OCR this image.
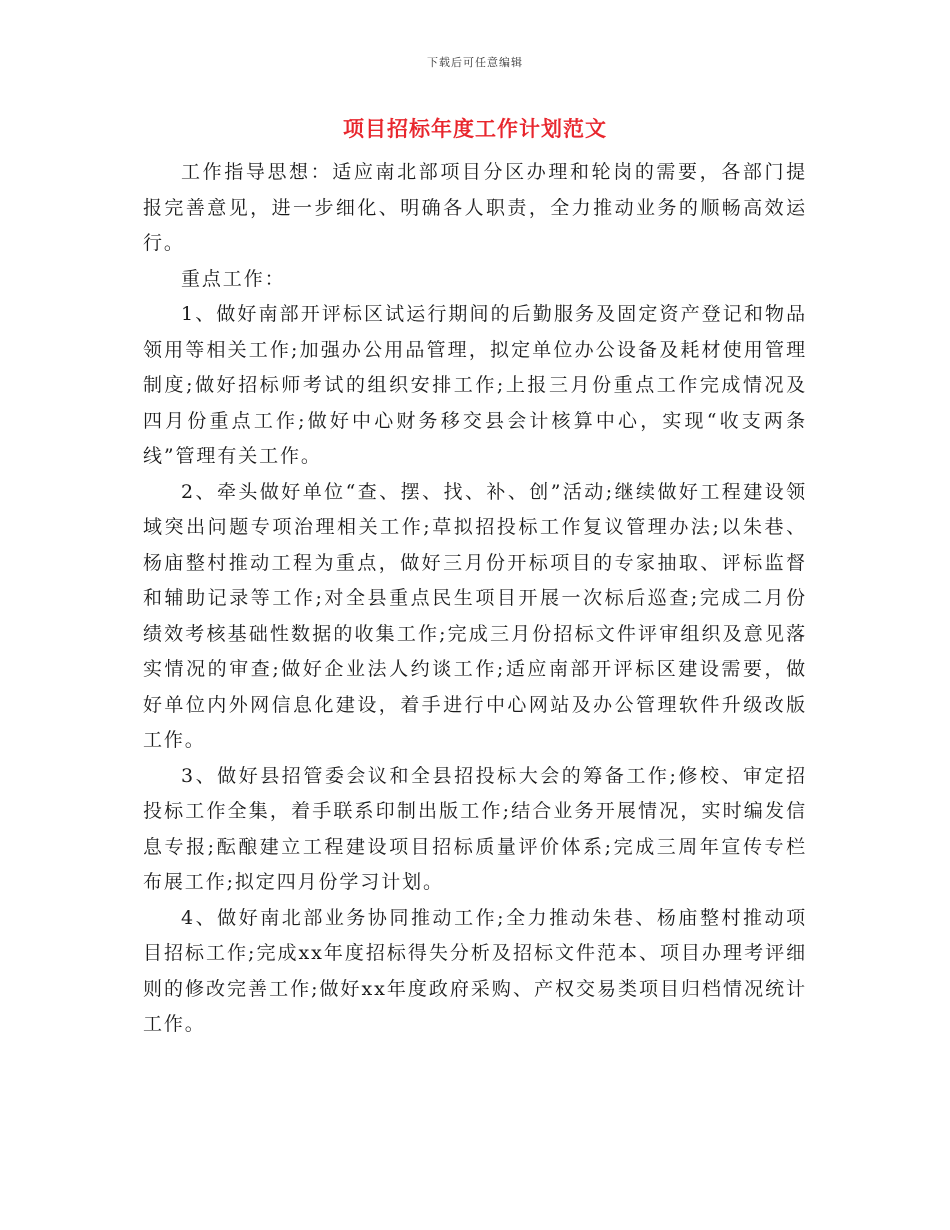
下载后可任意编辑
项目招标年度工作计划范文

工作指导思想：适应南北部项目分区办理和轮岗的需要，各部门提报完善意见，进一步细化、明确各人职责，全力推动业务的顺畅高效运行。

重点工作：

1、做好南部开评标区试运行期间的后勤服务及固定资产登记和物品领用等相关工作;加强办公用品管理，拟定单位办公设备及耗材使用管理制度;做好招标师考试的组织安排工作;上报三月份重点工作完成情况及四月份重点工作;做好中心财务移交县会计核算中心，实现“收支两条线”管理有关工作。

2、牵头做好单位“查、摆、找、补、创”活动;继续做好工程建设领域突出问题专项治理相关工作;草拟招投标工作复议管理办法;以朱巷、杨庙整村推动工程为重点，做好三月份开标项目的专家抽取、评标监督和辅助记录等工作;对全县重点民生项目开展一次标后巡查;完成二月份绩效考核基础性数据的收集工作;完成三月份招标文件评审组织及意见落实情况的审查;做好企业法人约谈工作;适应南部开评标区建设需要，做好单位内外网信息化建设，着手进行中心网站及办公管理软件升级改版工作。

3、做好县招管委会议和全县招投标大会的筹备工作;修校、审定招投标工作全集，着手联系印制出版工作;结合业务开展情况，实时编发信息专报;酝酿建立工程建设项目招标质量评价体系;完成三周年宣传专栏布展工作;拟定四月份学习计划。

4、做好南北部业务协同推动工作;全力推动朱巷、杨庙整村推动项目招标工作;完成xx年度招标得失分析及招标文件范本、项目办理考评细则的修改完善工作;做好xx年度政府采购、产权交易类项目归档情况统计工作。
